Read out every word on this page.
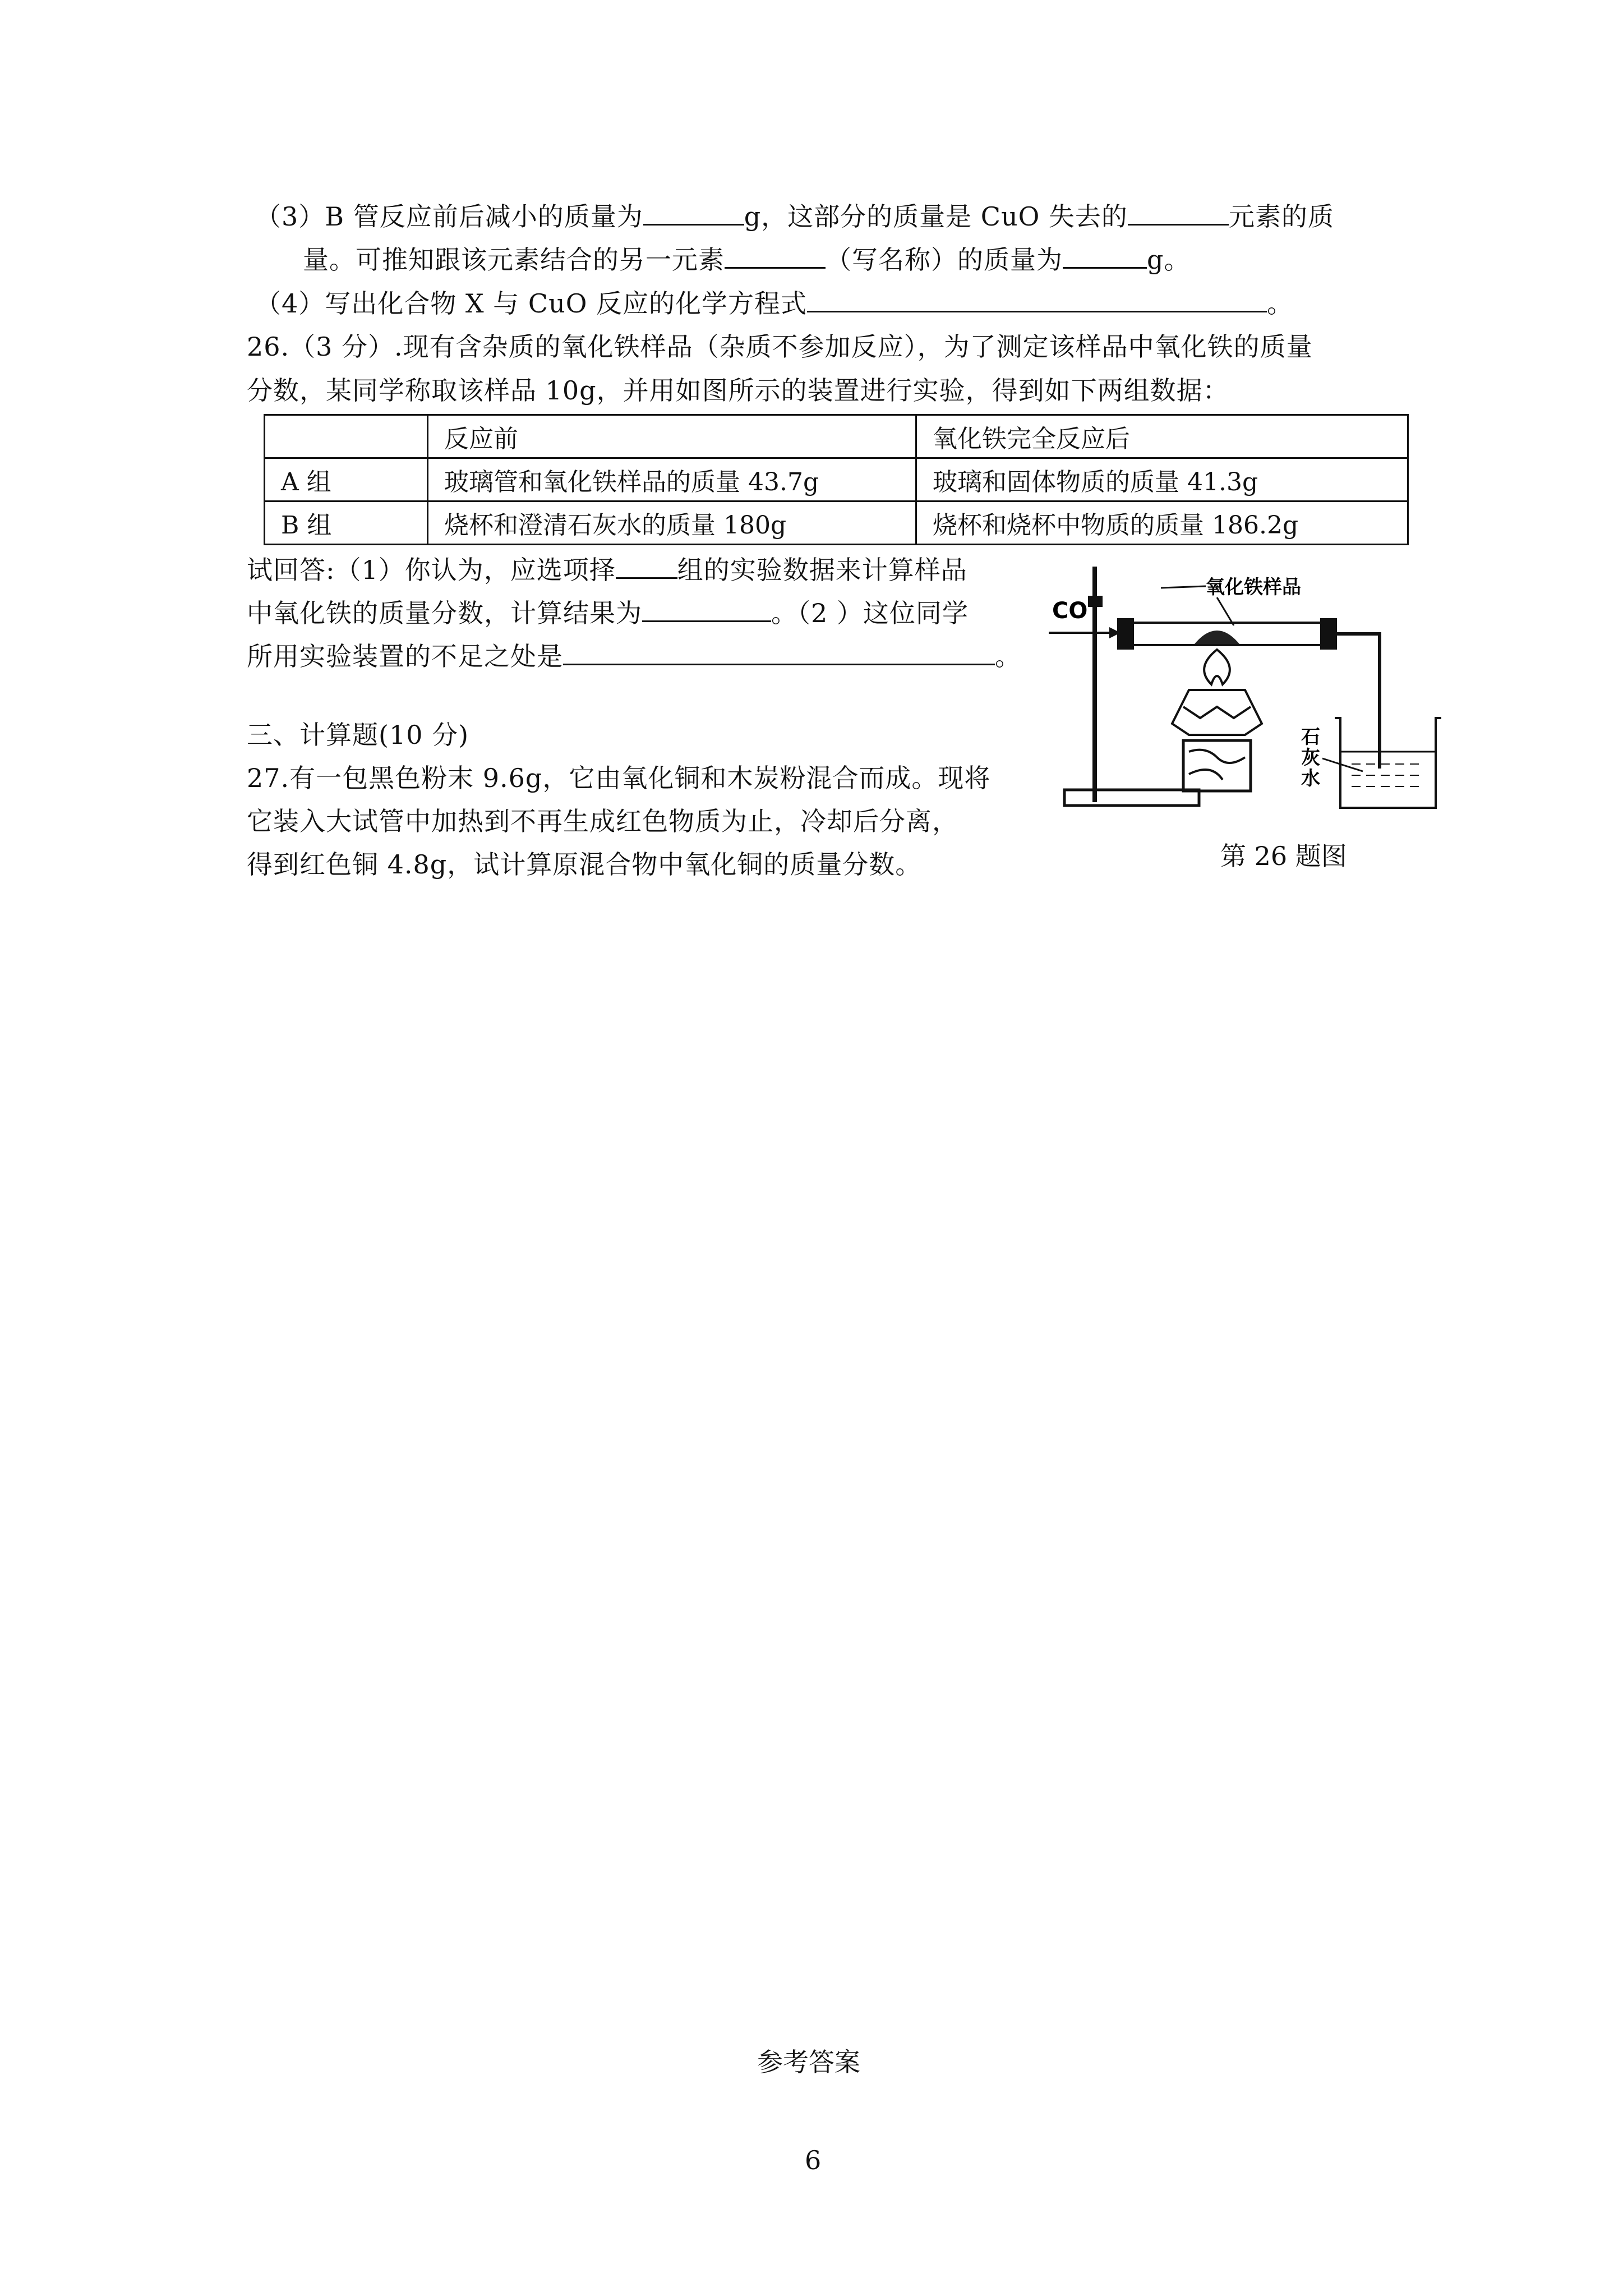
（3）B 管反应前后减小的质量为	g，这部分的质量是 CuO 失去的	元素的质
量。可推知跟该元素结合的另一元素	（写名称）的质量为	g。
（4）写出化合物 X 与 CuO 反应的化学方程式	。
26.（3 分）.现有含杂质的氧化铁样品（杂质不参加反应），为了测定该样品中氧化铁的质量
分数，某同学称取该样品 10g，并用如图所示的装置进行实验，得到如下两组数据：
	反应前	氧化铁完全反应后
A 组	玻璃管和氧化铁样品的质量 43.7g	玻璃和固体物质的质量 41.3g
B 组	烧杯和澄清石灰水的质量 180g	烧杯和烧杯中物质的质量 186.2g
试回答:（1）你认为，应选项择 组的实验数据来计算样品
中氧化铁的质量分数，计算结果为	。（2 ）这位同学
所用实验装置的不足之处是	。
CO
氧化铁样品
石
灰
水
第 26 题图
三、计算题(10 分)
27.有一包黑色粉末 9.6g，它由氧化铜和木炭粉混合而成。现将
它装入大试管中加热到不再生成红色物质为止，冷却后分离，
得到红色铜 4.8g，试计算原混合物中氧化铜的质量分数。
参考答案
6
